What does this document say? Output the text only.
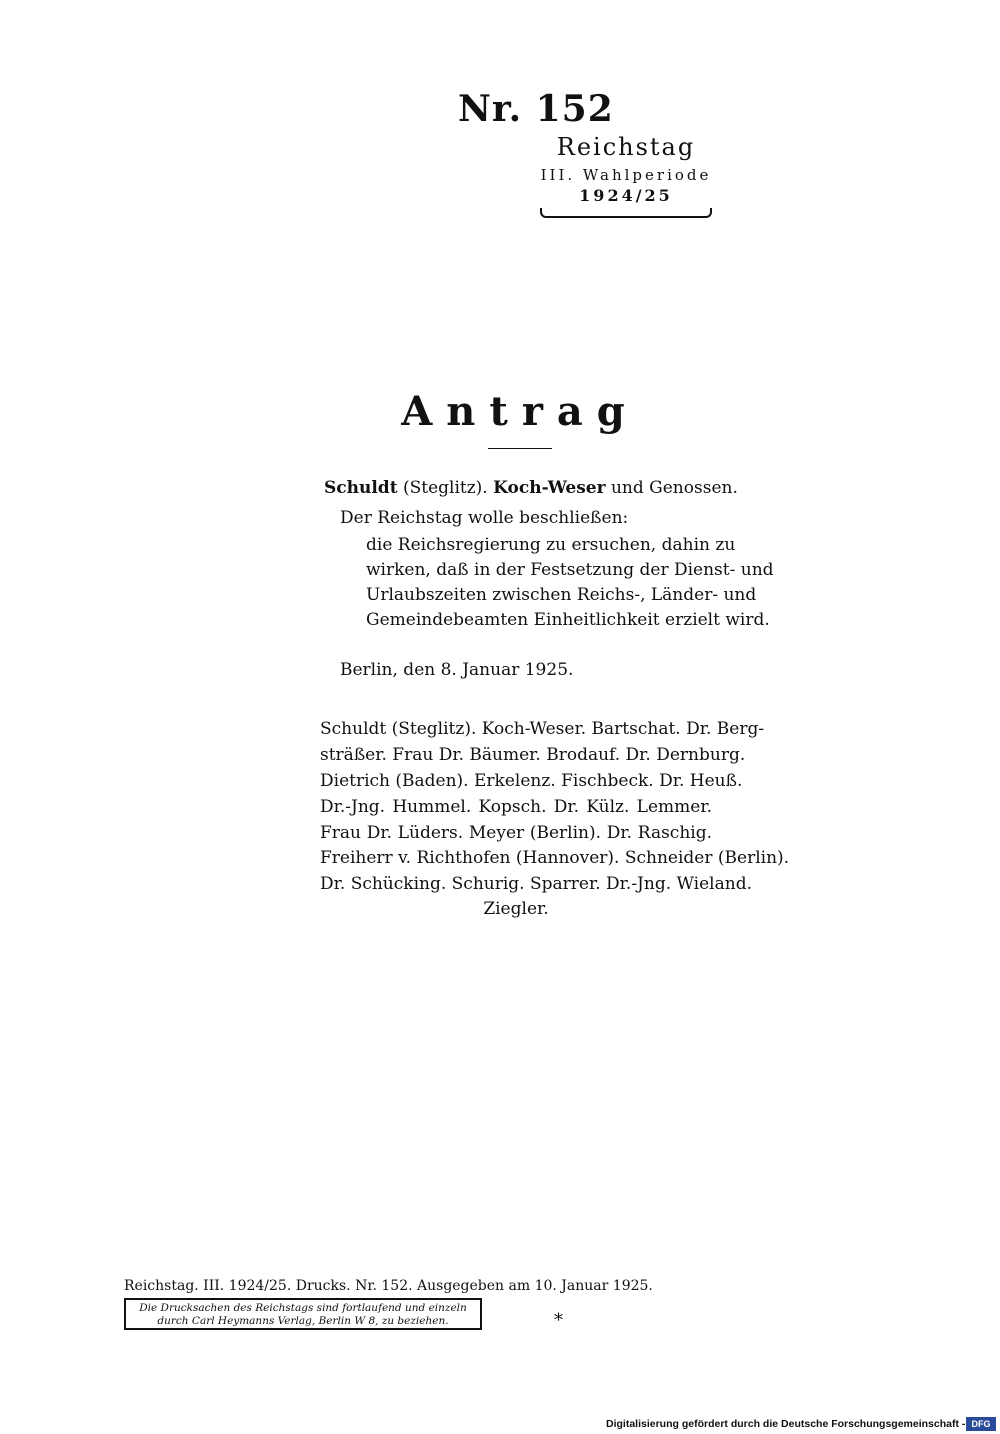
Nr. 152
Reichstag
III. Wahlperiode
1924/25
Antrag
Schuldt (Steglitz). Koch-Weser und Genossen.
Der Reichstag wolle beschließen:
die Reichsregierung zu ersuchen, dahin zu
wirken, daß in der Festsetzung der Dienst- und
Urlaubszeiten zwischen Reichs-, Länder- und
Gemeindebeamten Einheitlichkeit erzielt wird.
Berlin, den 8. Januar 1925.
Schuldt (Steglitz). Koch-Weser. Bartschat. Dr. Berg-
sträßer. Frau Dr. Bäumer. Brodauf. Dr. Dernburg.
Dietrich (Baden). Erkelenz. Fischbeck. Dr. Heuß.
Dr.-Jng. Hummel. Kopsch. Dr. Külz. Lemmer.
Frau Dr. Lüders. Meyer (Berlin). Dr. Raschig.
Freiherr v. Richthofen (Hannover). Schneider (Berlin).
Dr. Schücking. Schurig. Sparrer. Dr.-Jng. Wieland.
Ziegler.
Reichstag. III. 1924/25. Drucks. Nr. 152. Ausgegeben am 10. Januar 1925.
Die Drucksachen des Reichstags sind fortlaufend und einzeln
durch Carl Heymanns Verlag, Berlin W 8, zu beziehen.	*
Digitalisierung gefördert durch die Deutsche Forschungsgemeinschaft - DFG
